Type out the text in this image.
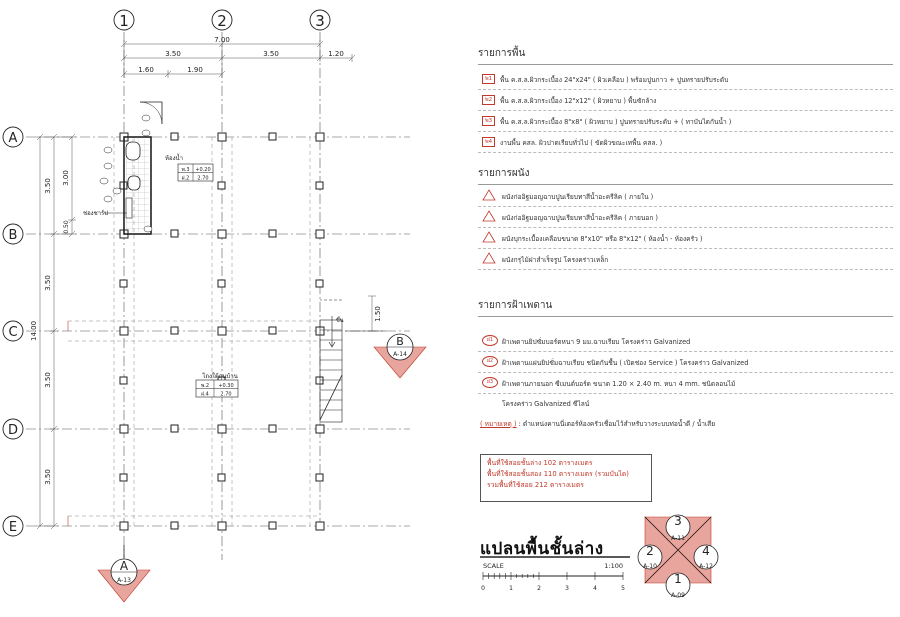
ห้องน้ำ
พ.3 +0.20
ฝ.2 2.70
ช่องชาร์ป
โถงใต้ถุนบ้าน
พ.2 +0.30
ฝ.4 2.70
ขึ้น
7.00
3.50	3.50	1.20
1.60	1.90
14.00
3.50
3.50
3.50
3.50
3.00
0.50
1.50
1	2	3
A
B
C
D
E
A
A-13
B
A-14
SCALE	1:100
0	1	2	3	4	5
3
A-11
2
A-10
4
A-12
1
A-09

รายการพื้น

พ1	พื้น ค.ส.ล.ผิวกระเบื้อง 24"x24" ( ผิวเคลือบ ) พร้อมปูนกาว + ปูนทรายปรับระดับ
พ2	พื้น ค.ส.ล.ผิวกระเบื้อง 12"x12" ( ผิวหยาบ ) พื้นซักล้าง
พ3	พื้น ค.ส.ล.ผิวกระเบื้อง 8"x8" ( ผิวหยาบ ) ปูนทรายปรับระดับ + ( ทาบันไดกันน้ำ )
พ4	งานพื้น คสล. ผิวปาดเรียบทั่วไป ( ขัดผิวขณะเทพื้น คสล. )

รายการผนัง

ผนังก่ออิฐมอญฉาบปูนเรียบทาสีน้ำอะครีลิค ( ภายใน )
ผนังก่ออิฐมอญฉาบปูนเรียบทาสีน้ำอะครีลิค ( ภายนอก )
ผนังบุกระเบื้องเคลือบขนาด 8"x10" หรือ 8"x12" ( ห้องน้ำ - ห้องครัว )
ผนังกรุไม้ฝาสำเร็จรูป โครงคร่าวเหล็ก

รายการฝ้าเพดาน

ฝ1	ฝ้าเพดานยิปซั่มบอร์ดหนา 9 มม.ฉาบเรียบ โครงคร่าว Galvanized
ฝ2	ฝ้าเพดานแผ่นยิปซั่มฉาบเรียบ ชนิดกันชื้น ( เปิดช่อง Service ) โครงคร่าว Galvanized
ฝ3	ฝ้าเพดานภายนอก ซีเมนต์บอร์ด ขนาด 1.20 × 2.40 m. หนา 4 mm. ชนิดลอนไม้
โครงคร่าว Galvanized ซีไลน์
( หมายเหตุ ) : ตำแหน่งคานนี่เตอร์ห้องครัวเชื่อมไว้สำหรับวางระบบท่อน้ำดี / น้ำเสีย
พื้นที่ใช้สอยชั้นล่าง 102 ตารางเมตร
พื้นที่ใช้สอยชั้นสอง 110 ตารางเมตร (รวมบันได)
รวมพื้นที่ใช้สอย 212 ตารางเมตร
แปลนพื้นชั้นล่าง
